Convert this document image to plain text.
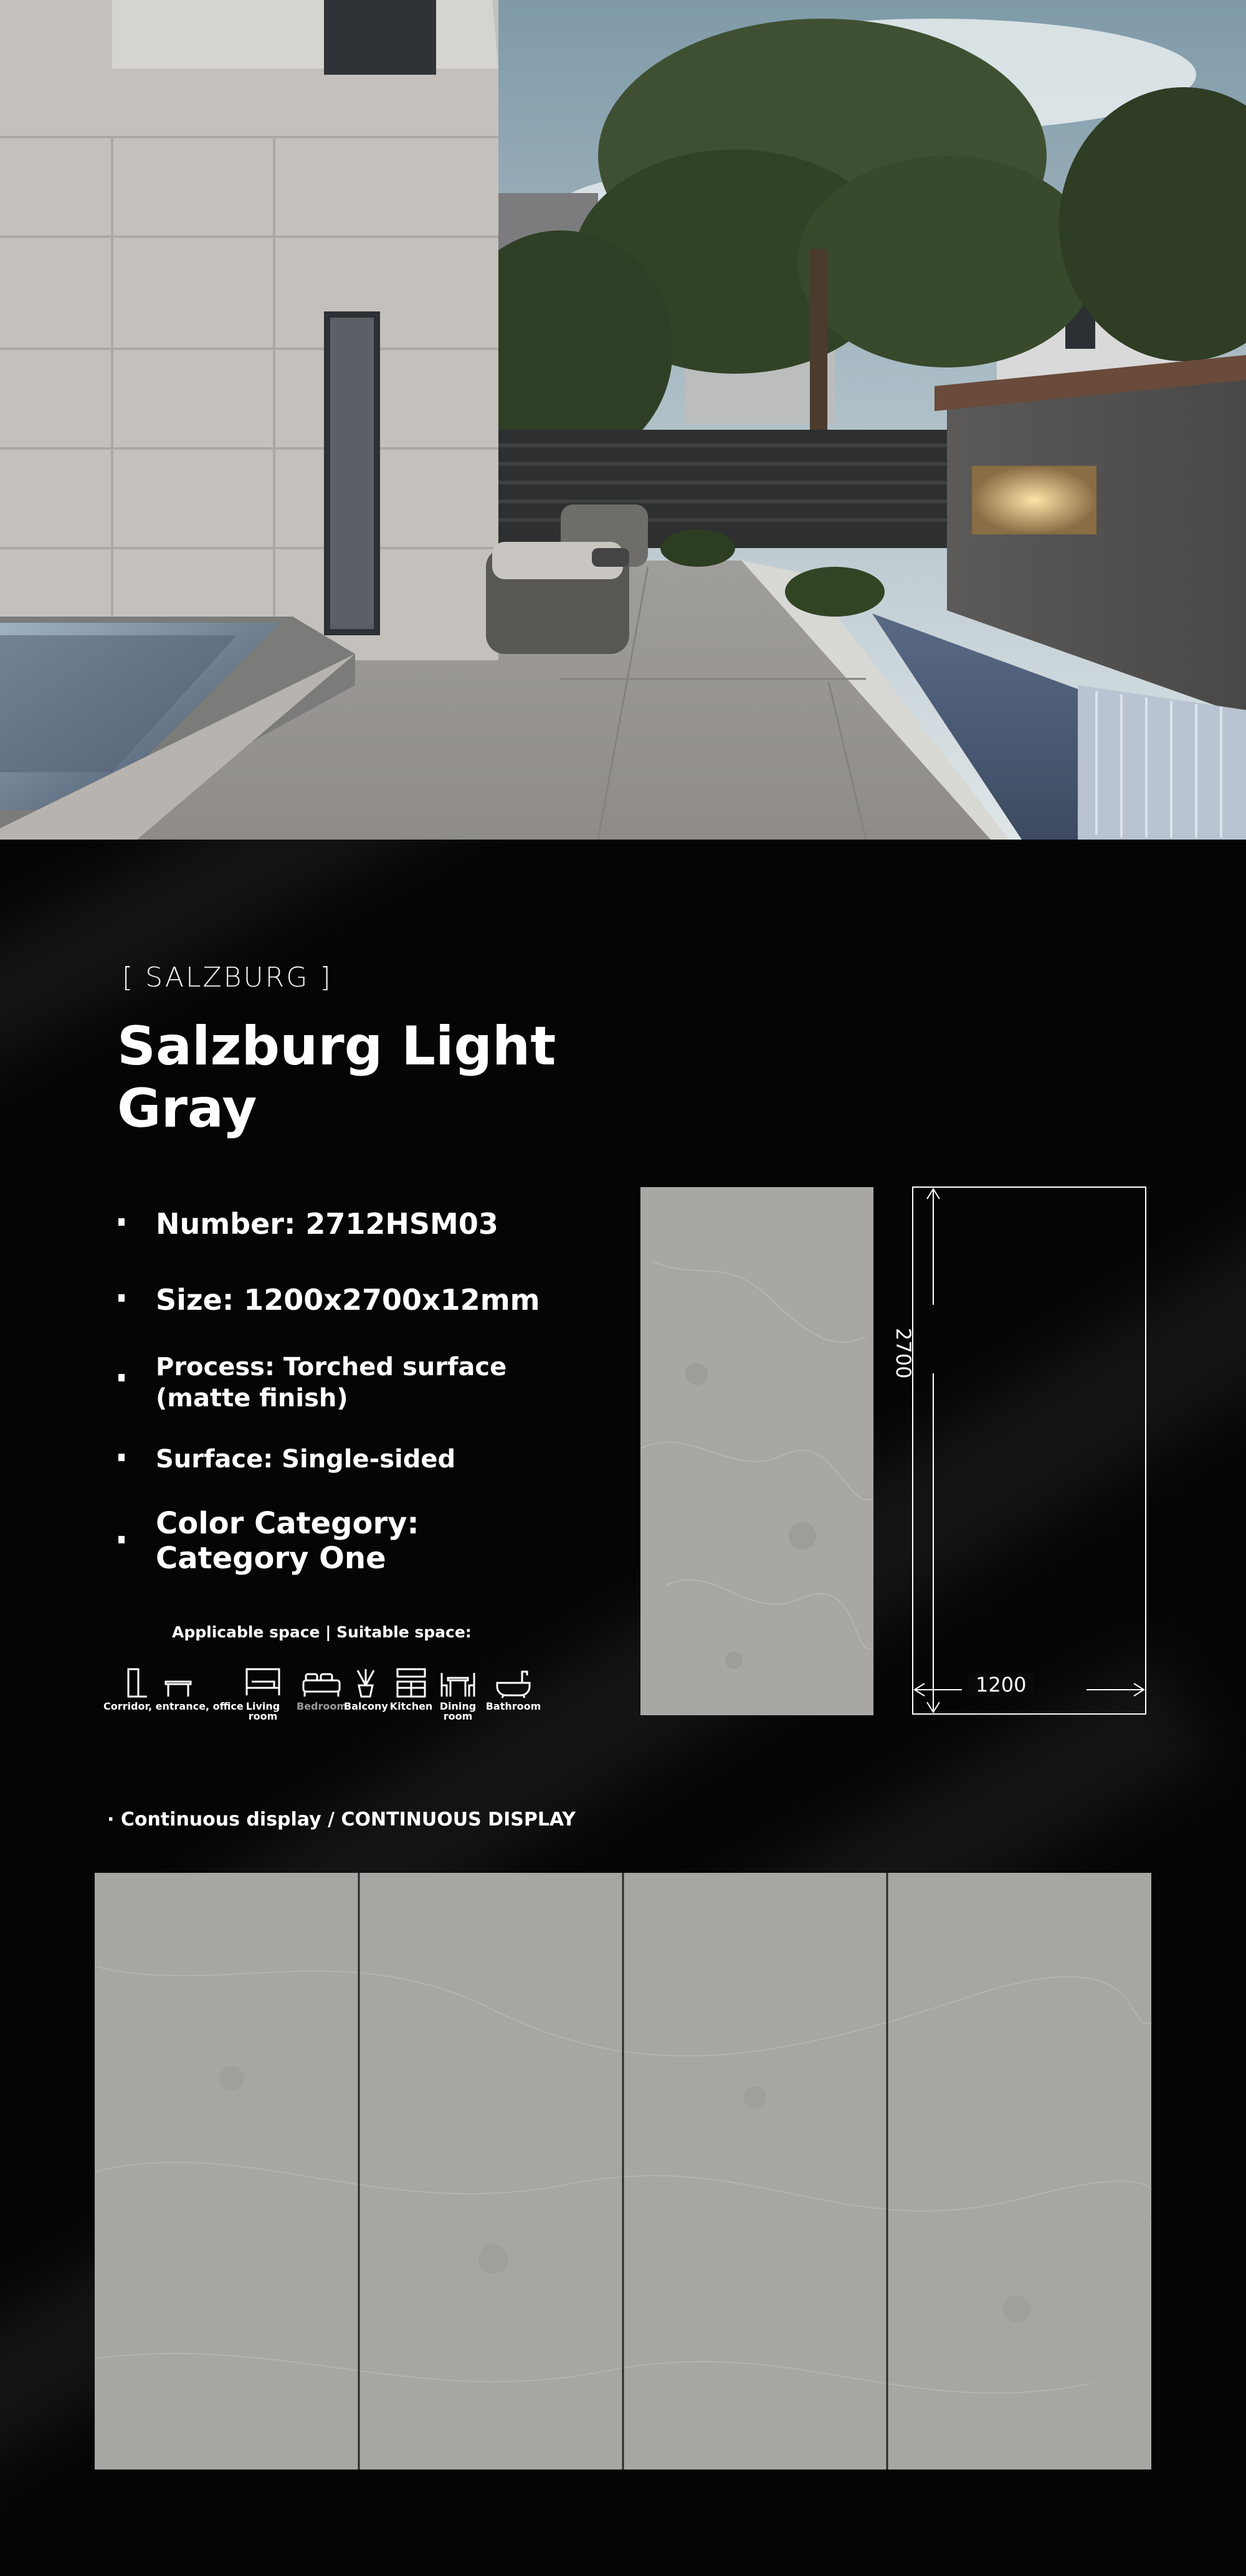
[ SALZBURG ]
Salzburg Light Gray
Number: 2712HSM03
Size: 1200x2700x12mm
Process: Torched surface (matte finish)
Surface: Single-sided
Color Category: Category One
Applicable space | Suitable space:
Corridor, entrance, office Living room
Bedroom
Balcony Kitchen Dining room
Bathroom
2700
1200
· Continuous display / CONTINUOUS DISPLAY
